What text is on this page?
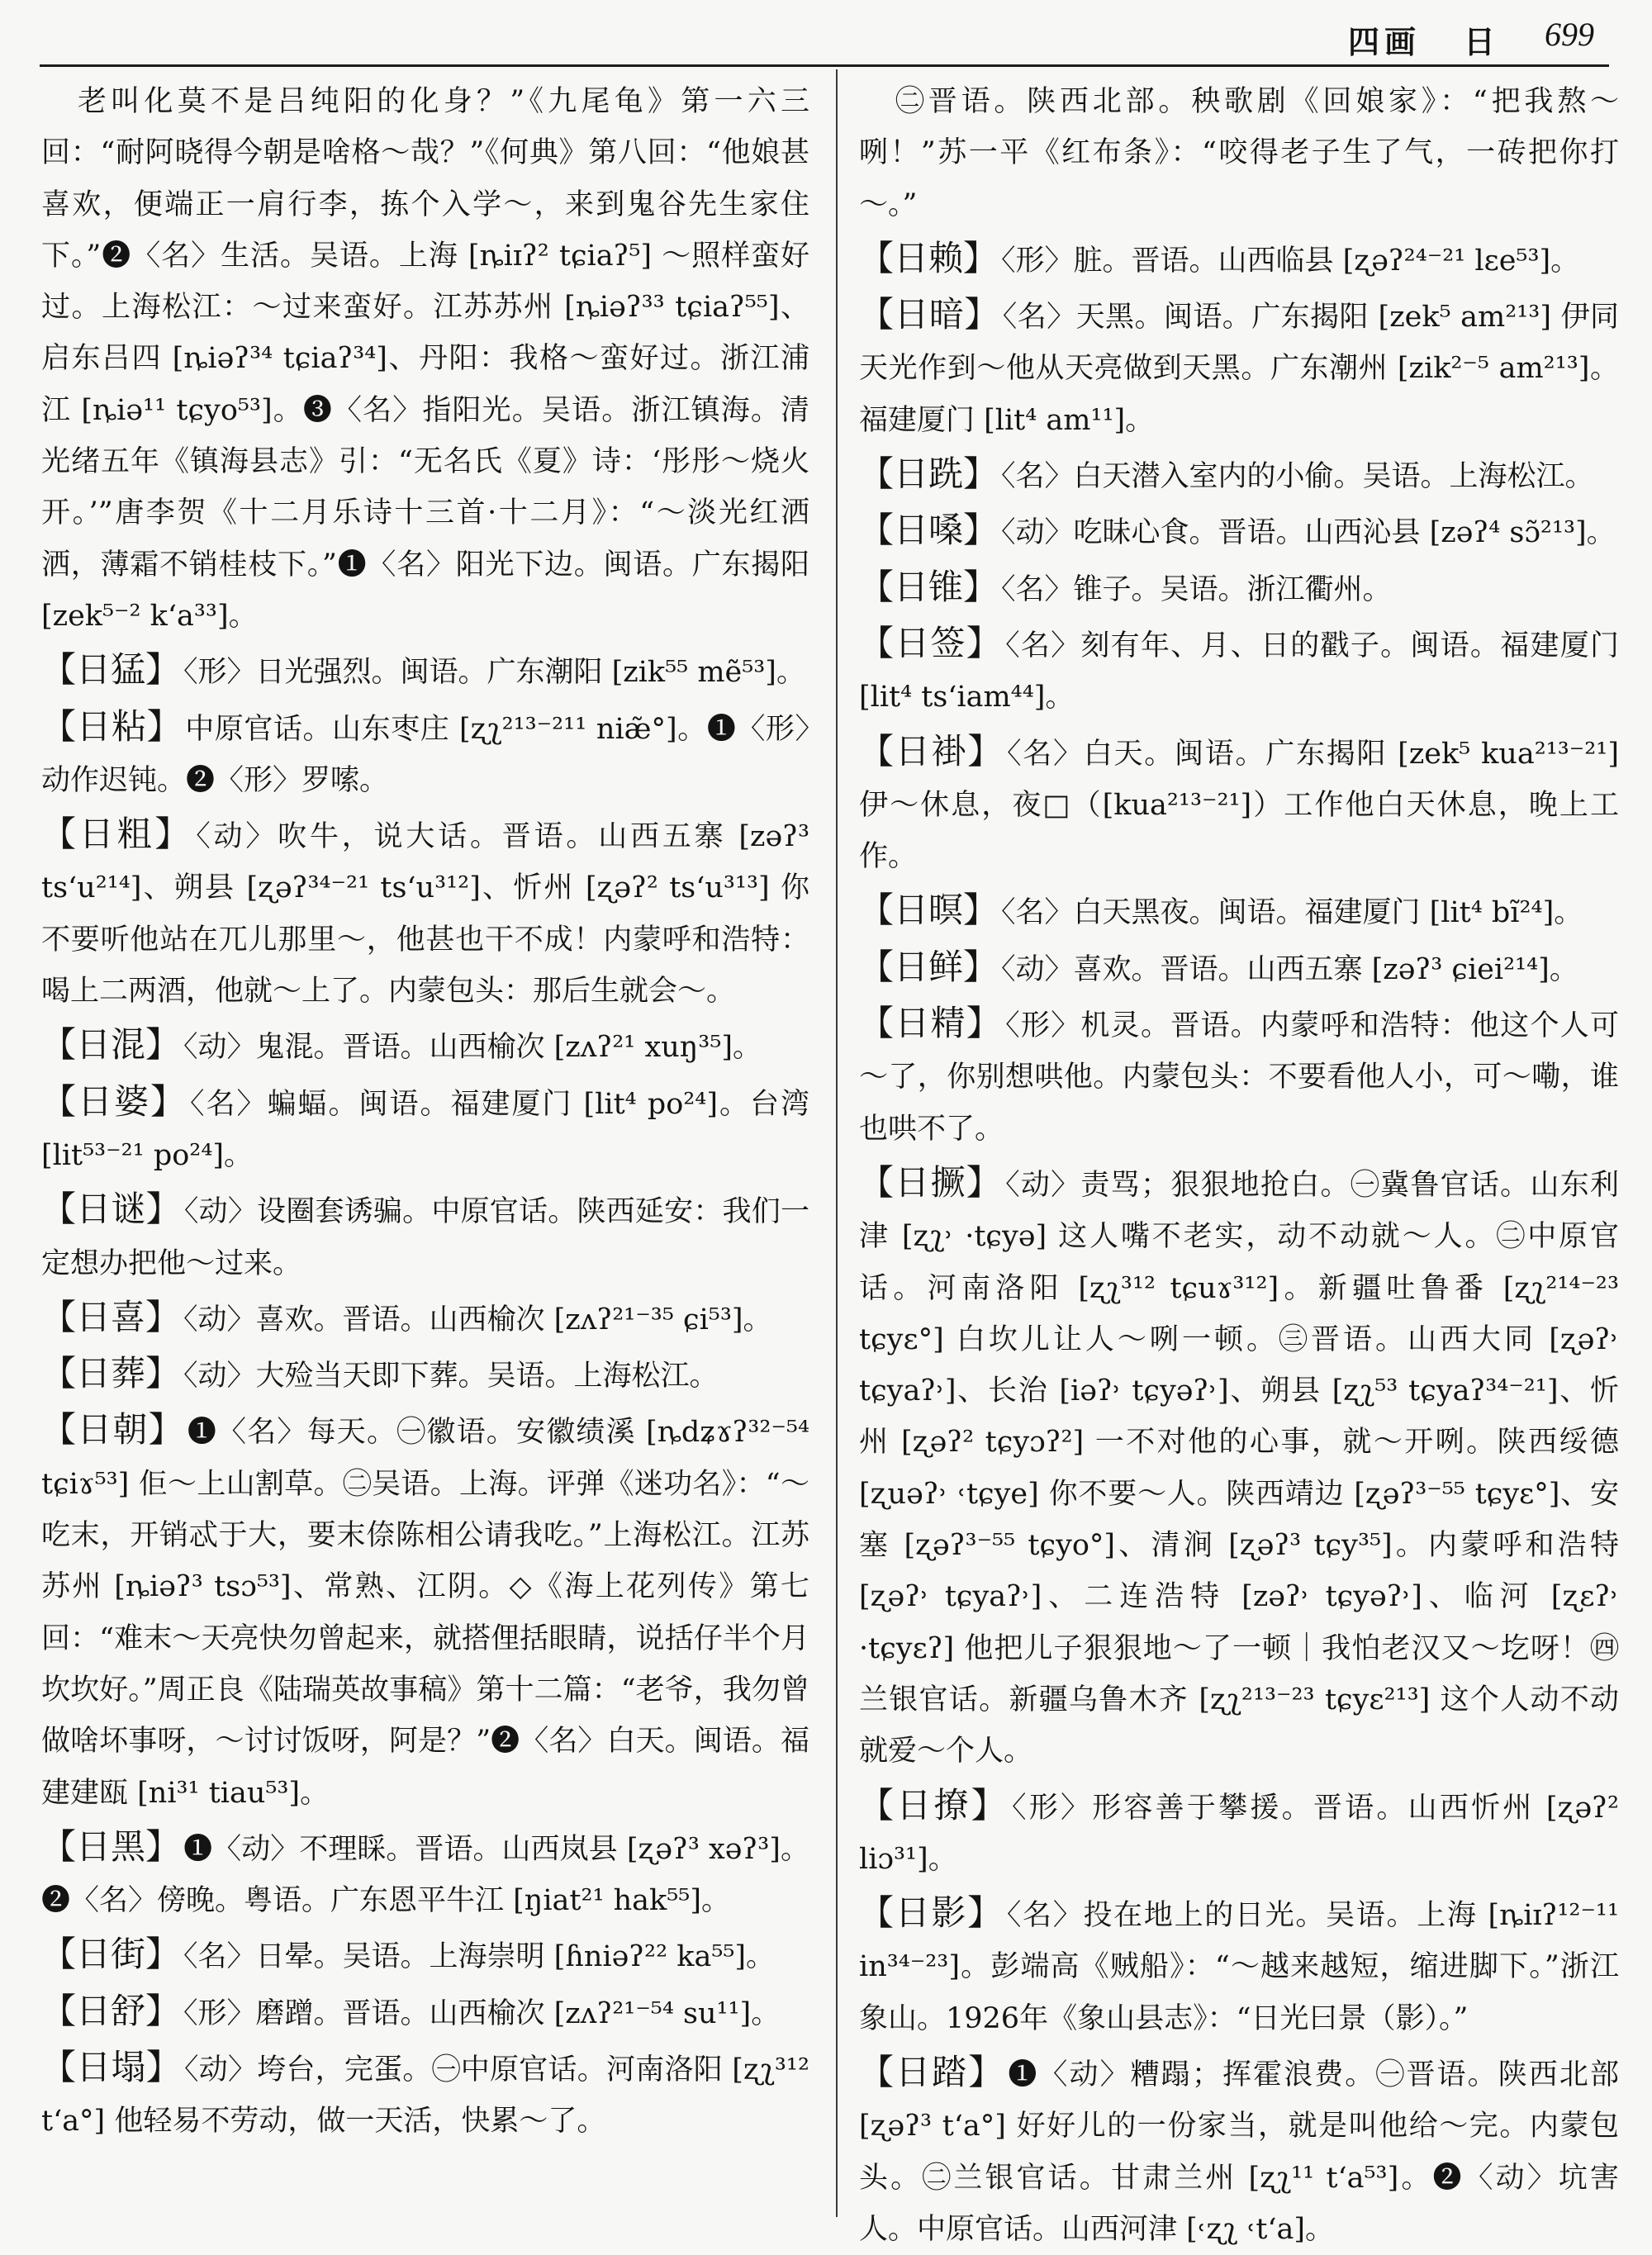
四画 日 699

老叫化莫不是吕纯阳的化身？”《九尾龟》第一六三回：“耐阿晓得今朝是啥格～哉？”《何典》第八回：“他娘甚喜欢，便端正一肩行李，拣个入学～，来到鬼谷先生家住下。”❷〈名〉生活。吴语。上海 [ȵiɪʔ² tɕiaʔ⁵] ～照样蛮好过。上海松江：～过来蛮好。江苏苏州 [ȵiəʔ³³ tɕiaʔ⁵⁵]、启东吕四 [ȵiəʔ³⁴ tɕiaʔ³⁴]、丹阳：我格～蛮好过。浙江浦江 [ȵiə¹¹ tɕyo⁵³]。❸〈名〉指阳光。吴语。浙江镇海。清光绪五年《镇海县志》引：“无名氏《夏》诗：‘彤彤～烧火开。’”唐李贺《十二月乐诗十三首·十二月》：“～淡光红洒洒，薄霜不销桂枝下。”❶〈名〉阳光下边。闽语。广东揭阳 [zek⁵⁻² k‘a³³]。

【日猛】 〈形〉日光强烈。闽语。广东潮阳 [zik⁵⁵ mẽ⁵³]。

【日粘】 中原官话。山东枣庄 [ʐʅ²¹³⁻²¹¹ niæ̃°]。❶〈形〉动作迟钝。❷〈形〉罗嗦。

【日粗】 〈动〉吹牛，说大话。晋语。山西五寨 [zəʔ³ ts‘u²¹⁴]、朔县 [ʐəʔ³⁴⁻²¹ ts‘u³¹²]、忻州 [ʐəʔ² ts‘u³¹³] 你不要听他站在兀儿那里～，他甚也干不成！内蒙呼和浩特：喝上二两酒，他就～上了。内蒙包头：那后生就会～。

【日混】 〈动〉鬼混。晋语。山西榆次 [zʌʔ²¹ xuŋ³⁵]。

【日婆】 〈名〉蝙蝠。闽语。福建厦门 [lit⁴ po²⁴]。台湾 [lit⁵³⁻²¹ po²⁴]。

【日谜】 〈动〉设圈套诱骗。中原官话。陕西延安：我们一定想办把他～过来。

【日喜】 〈动〉喜欢。晋语。山西榆次 [zʌʔ²¹⁻³⁵ ɕi⁵³]。

【日葬】 〈动〉大殓当天即下葬。吴语。上海松江。

【日朝】 ❶〈名〉每天。㊀徽语。安徽绩溪 [ȵdʑɤʔ³²⁻⁵⁴ tɕiɤ⁵³] 佢～上山割草。㊁吴语。上海。评弹《迷功名》：“～吃末，开销忒于大，要末倷陈相公请我吃。”上海松江。江苏苏州 [ȵiəʔ³ tsɔ⁵³]、常熟、江阴。◇《海上花列传》第七回：“难末～天亮快勿曾起来，就搭俚括眼睛，说括仔半个月坎坎好。”周正良《陆瑞英故事稿》第十二篇：“老爷，我勿曾做啥坏事呀，～讨讨饭呀，阿是？”❷〈名〉白天。闽语。福建建瓯 [ni³¹ tiau⁵³]。

【日黑】 ❶〈动〉不理睬。晋语。山西岚县 [ʐəʔ³ xəʔ³]。❷〈名〉傍晚。粤语。广东恩平牛江 [ŋiat²¹ hak⁵⁵]。

【日街】 〈名〉日晕。吴语。上海崇明 [ɦniəʔ²² ka⁵⁵]。

【日舒】 〈形〉磨蹭。晋语。山西榆次 [zʌʔ²¹⁻⁵⁴ su¹¹]。

【日塌】 〈动〉垮台，完蛋。㊀中原官话。河南洛阳 [ʐʅ³¹² t‘a°] 他轻易不劳动，做一天活，快累～了。

㊁晋语。陕西北部。秧歌剧《回娘家》：“把我熬～咧！”苏一平《红布条》：“咬得老子生了气，一砖把你打～。”

【日赖】 〈形〉脏。晋语。山西临县 [ʐəʔ²⁴⁻²¹ lɛe⁵³]。

【日暗】 〈名〉天黑。闽语。广东揭阳 [zek⁵ am²¹³] 伊同天光作到～他从天亮做到天黑。广东潮州 [zik²⁻⁵ am²¹³]。福建厦门 [lit⁴ am¹¹]。

【日跣】 〈名〉白天潜入室内的小偷。吴语。上海松江。

【日嗓】 〈动〉吃昧心食。晋语。山西沁县 [zəʔ⁴ sɔ̃²¹³]。

【日锥】 〈名〉锥子。吴语。浙江衢州。

【日签】 〈名〉刻有年、月、日的戳子。闽语。福建厦门 [lit⁴ ts‘iam⁴⁴]。

【日褂】 〈名〉白天。闽语。广东揭阳 [zek⁵ kua²¹³⁻²¹] 伊～休息，夜□（[kua²¹³⁻²¹]）工作他白天休息，晚上工作。

【日暝】 〈名〉白天黑夜。闽语。福建厦门 [lit⁴ bĩ²⁴]。

【日鲜】 〈动〉喜欢。晋语。山西五寨 [zəʔ³ ɕiei²¹⁴]。

【日精】 〈形〉机灵。晋语。内蒙呼和浩特：他这个人可～了，你别想哄他。内蒙包头：不要看他人小，可～嘞，谁也哄不了。

【日撅】 〈动〉责骂；狠狠地抢白。㊀冀鲁官话。山东利津 [ʐʅ˒ ·tɕyə] 这人嘴不老实，动不动就～人。㊁中原官话。河南洛阳 [ʐʅ³¹² tɕuɤ³¹²]。新疆吐鲁番 [ʐʅ²¹⁴⁻²³ tɕyɛ°] 白坎儿让人～咧一顿。㊂晋语。山西大同 [ʐəʔ˒ tɕyaʔ˒]、长治 [iəʔ˒ tɕyəʔ˒]、朔县 [ʐʅ⁵³ tɕyaʔ³⁴⁻²¹]、忻州 [ʐəʔ² tɕyɔʔ²] 一不对他的心事，就～开咧。陕西绥德 [ʐuəʔ˒ ˓tɕye] 你不要～人。陕西靖边 [ʐəʔ³⁻⁵⁵ tɕyɛ°]、安塞 [ʐəʔ³⁻⁵⁵ tɕyo°]、清涧 [ʐəʔ³ tɕy³⁵]。内蒙呼和浩特 [ʐəʔ˒ tɕyaʔ˒]、二连浩特 [zəʔ˒ tɕyəʔ˒]、临河 [ʐɛʔ˒ ·tɕyɛʔ] 他把儿子狠狠地～了一顿｜我怕老汉又～圪呀！㊃兰银官话。新疆乌鲁木齐 [ʐʅ²¹³⁻²³ tɕyɛ²¹³] 这个人动不动就爱～个人。

【日撩】 〈形〉形容善于攀援。晋语。山西忻州 [ʐəʔ² liɔ³¹]。

【日影】 〈名〉投在地上的日光。吴语。上海 [ȵiɪʔ¹²⁻¹¹ in³⁴⁻²³]。彭端高《贼船》：“～越来越短，缩进脚下。”浙江象山。1926年《象山县志》：“日光曰景（影）。”

【日踏】 ❶〈动〉糟蹋；挥霍浪费。㊀晋语。陕西北部 [ʐəʔ³ t‘a°] 好好儿的一份家当，就是叫他给～完。内蒙包头。㊁兰银官话。甘肃兰州 [ʐʅ¹¹ t‘a⁵³]。❷〈动〉坑害人。中原官话。山西河津 [˓ʐʅ ˓t‘a]。
